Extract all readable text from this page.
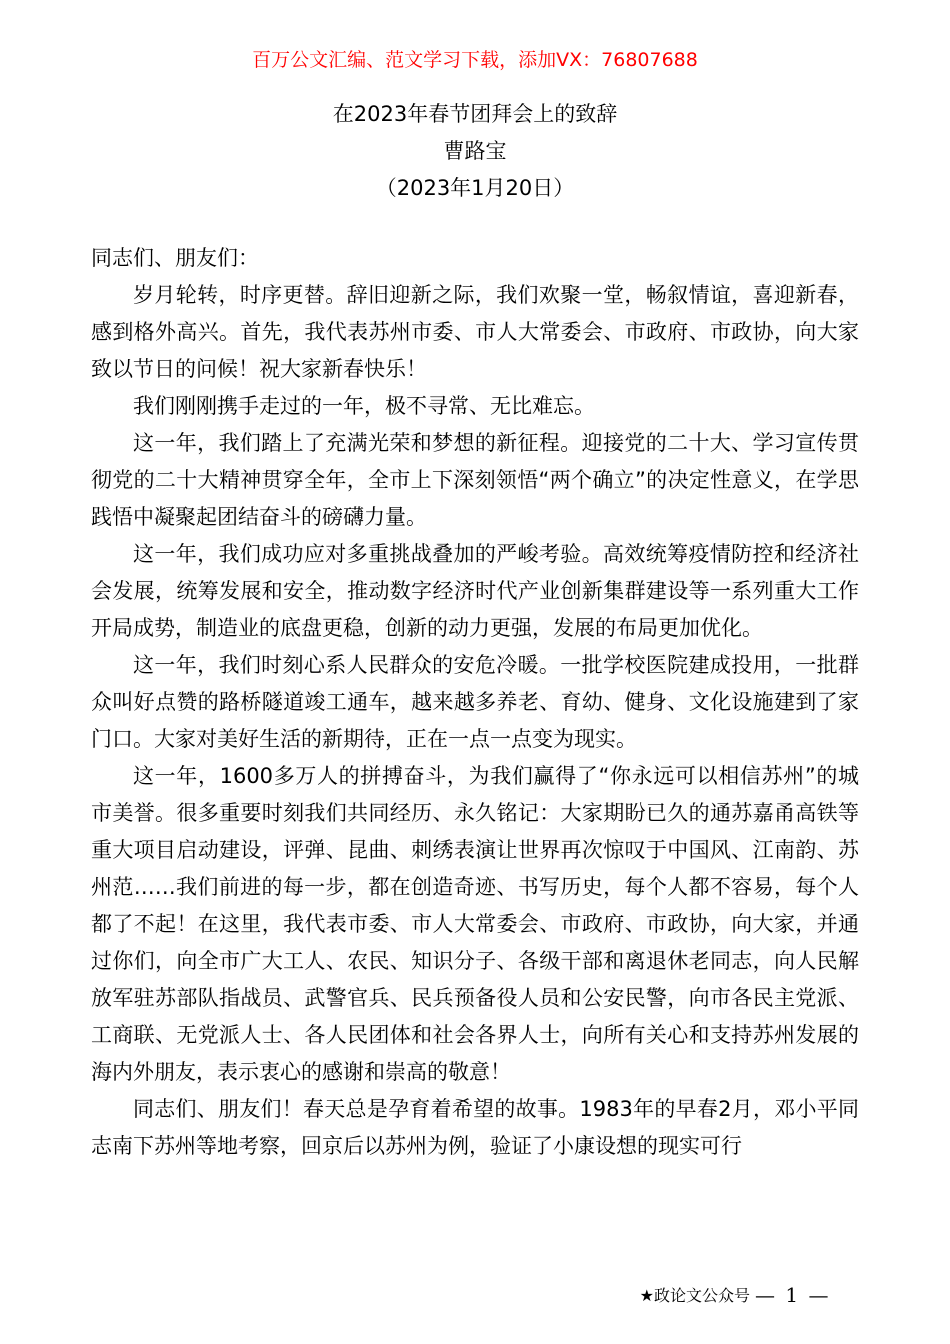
百万公文汇编、范文学习下载，添加VX：76807688
在2023年春节团拜会上的致辞
曹路宝
（2023年1月20日）

同志们、朋友们：

岁月轮转，时序更替。辞旧迎新之际，我们欢聚一堂，畅叙情谊，喜迎新春，感到格外高兴。首先，我代表苏州市委、市人大常委会、市政府、市政协，向大家致以节日的问候！祝大家新春快乐！

我们刚刚携手走过的一年，极不寻常、无比难忘。

这一年，我们踏上了充满光荣和梦想的新征程。迎接党的二十大、学习宣传贯彻党的二十大精神贯穿全年，全市上下深刻领悟“两个确立”的决定性意义，在学思践悟中凝聚起团结奋斗的磅礴力量。

这一年，我们成功应对多重挑战叠加的严峻考验。高效统筹疫情防控和经济社会发展，统筹发展和安全，推动数字经济时代产业创新集群建设等一系列重大工作开局成势，制造业的底盘更稳，创新的动力更强，发展的布局更加优化。

这一年，我们时刻心系人民群众的安危冷暖。一批学校医院建成投用，一批群众叫好点赞的路桥隧道竣工通车，越来越多养老、育幼、健身、文化设施建到了家门口。大家对美好生活的新期待，正在一点一点变为现实。

这一年，1600多万人的拼搏奋斗，为我们赢得了“你永远可以相信苏州”的城市美誉。很多重要时刻我们共同经历、永久铭记：大家期盼已久的通苏嘉甬高铁等重大项目启动建设，评弹、昆曲、刺绣表演让世界再次惊叹于中国风、江南韵、苏州范……我们前进的每一步，都在创造奇迹、书写历史，每个人都不容易，每个人都了不起！在这里，我代表市委、市人大常委会、市政府、市政协，向大家，并通过你们，向全市广大工人、农民、知识分子、各级干部和离退休老同志，向人民解放军驻苏部队指战员、武警官兵、民兵预备役人员和公安民警，向市各民主党派、工商联、无党派人士、各人民团体和社会各界人士，向所有关心和支持苏州发展的海内外朋友，表示衷心的感谢和崇高的敬意！

同志们、朋友们！春天总是孕育着希望的故事。1983年的早春2月，邓小平同志南下苏州等地考察，回京后以苏州为例，验证了小康设想的现实可行

★政论文公众号 — 1 —
